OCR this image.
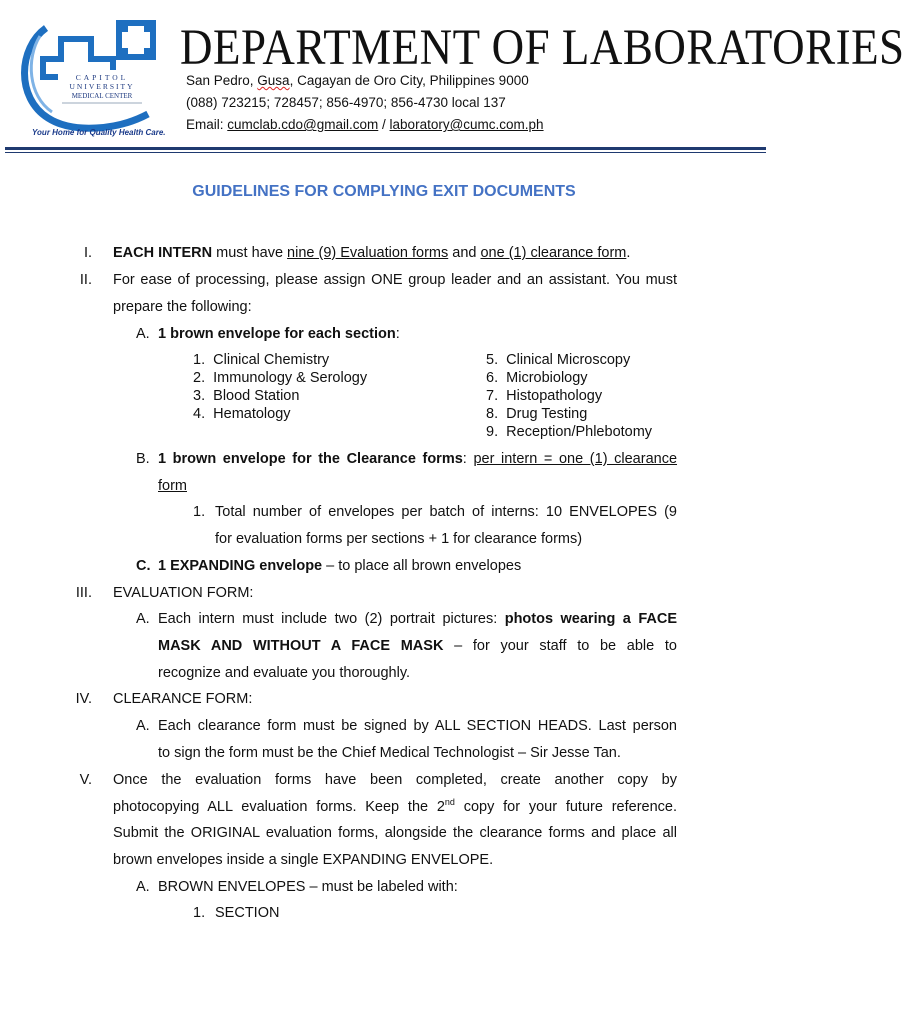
CAPITOL
UNIVERSITY
MEDICAL CENTER
Your Home for Quality Health Care.
DEPARTMENT OF LABORATORIES
San Pedro, Gusa, Cagayan de Oro City, Philippines 9000
(088) 723215; 728457; 856-4970; 856-4730 local 137
Email: cumclab.cdo@gmail.com / laboratory@cumc.com.ph
GUIDELINES FOR COMPLYING EXIT DOCUMENTS
I. EACH INTERN must have nine (9) Evaluation forms and one (1) clearance form.
II. For ease of processing, please assign ONE group leader and an assistant. You must
prepare the following:
A. 1 brown envelope for each section:
1. Clinical Chemistry
2. Immunology & Serology
3. Blood Station
4. Hematology
5. Clinical Microscopy
6. Microbiology
7. Histopathology
8. Drug Testing
9. Reception/Phlebotomy
B. 1 brown envelope for the Clearance forms: per intern = one (1) clearance
form
1. Total number of envelopes per batch of interns: 10 ENVELOPES (9
for evaluation forms per sections + 1 for clearance forms)
C. 1 EXPANDING envelope – to place all brown envelopes
III. EVALUATION FORM:
A. Each intern must include two (2) portrait pictures: photos wearing a FACE
MASK AND WITHOUT A FACE MASK – for your staff to be able to
recognize and evaluate you thoroughly.
IV. CLEARANCE FORM:
A. Each clearance form must be signed by ALL SECTION HEADS. Last person
to sign the form must be the Chief Medical Technologist – Sir Jesse Tan.
V. Once the evaluation forms have been completed, create another copy by
photocopying ALL evaluation forms. Keep the 2nd copy for your future reference.
Submit the ORIGINAL evaluation forms, alongside the clearance forms and place all
brown envelopes inside a single EXPANDING ENVELOPE.
A. BROWN ENVELOPES – must be labeled with:
1. SECTION
